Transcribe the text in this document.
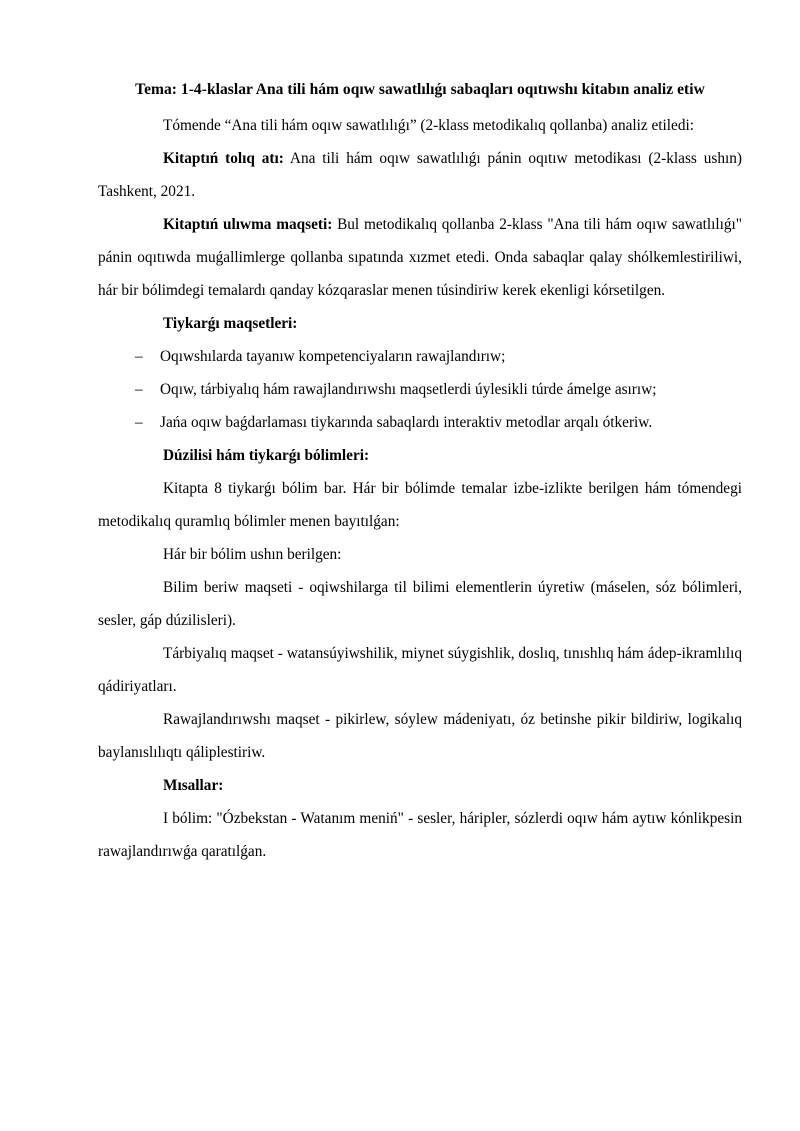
Tema: 1-4-klaslar Ana tili hám oqıw sawatlılıǵı sabaqları oqıtıwshı kitabın analiz etiw

Tómende “Ana tili hám oqıw sawatlılıǵı” (2-klass metodikalıq qollanba) analiz etiledi:

Kitaptıń tolıq atı: Ana tili hám oqıw sawatlılıǵı pánin oqıtıw metodikası (2-klass ushın) Tashkent, 2021.

Kitaptıń ulıwma maqseti: Bul metodikalıq qollanba 2-klass "Ana tili hám oqıw sawatlılıǵı" pánin oqıtıwda muǵallimlerge qollanba sıpatında xızmet etedi. Onda sabaqlar qalay shólkemlestiriliwi, hár bir bólimdegi temalardı qanday kózqaraslar menen túsindiriw kerek ekenligi kórsetilgen.

Tiykarǵı maqsetleri:

– Oqıwshılarda tayanıw kompetenciyaların rawajlandırıw;
– Oqıw, tárbiyalıq hám rawajlandırıwshı maqsetlerdi úylesikli túrde ámelge asırıw;
– Jańa oqıw baǵdarlaması tiykarında sabaqlardı interaktiv metodlar arqalı ótkeriw.

Dúzilisi hám tiykarǵı bólimleri:

Kitapta 8 tiykarǵı bólim bar. Hár bir bólimde temalar izbe-izlikte berilgen hám tómendegi metodikalıq quramlıq bólimler menen bayıtılǵan:

Hár bir bólim ushın berilgen:

Bilim beriw maqseti - oqiwshilarga til bilimi elementlerin úyretiw (máselen, sóz bólimleri, sesler, gáp dúzilisleri).

Tárbiyalıq maqset - watansúyiwshilik, miynet súygishlik, doslıq, tınıshlıq hám ádep-ikramlılıq qádiriyatları.

Rawajlandırıwshı maqset - pikirlew, sóylew mádeniyatı, óz betinshe pikir bildiriw, logikalıq baylanıslılıqtı qáliplestiriw.

Mısallar:

I bólim: "Ózbekstan - Watanım meniń" - sesler, háripler, sózlerdi oqıw hám aytıw kónlikpesin rawajlandırıwǵa qaratılǵan.
